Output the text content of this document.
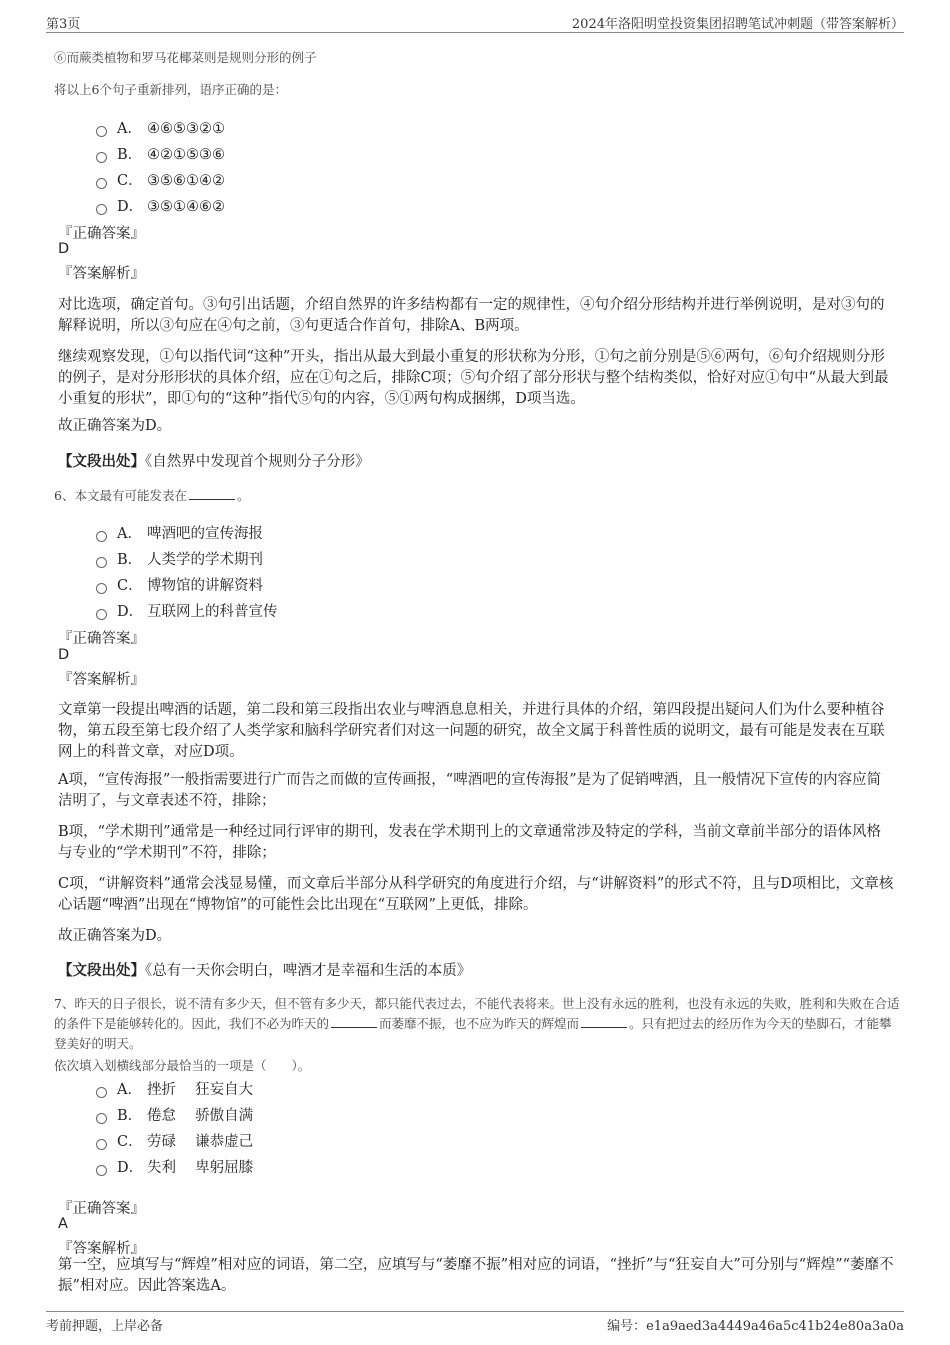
第3页	2024年洛阳明堂投资集团招聘笔试冲刺题（带答案解析）
⑥而蕨类植物和罗马花椰菜则是规则分形的例子
将以上6个句子重新排列，语序正确的是：
A． ④⑥⑤③②①
B． ④②①⑤③⑥
C． ③⑤⑥①④②
D． ③⑤①④⑥②
『正确答案』
D
『答案解析』
对比选项，确定首句。③句引出话题，介绍自然界的许多结构都有一定的规律性，④句介绍分形结构并进行举例说明，是对③句的解释说明，所以③句应在④句之前，③句更适合作首句，排除A、B两项。
继续观察发现，①句以指代词“这种”开头，指出从最大到最小重复的形状称为分形，①句之前分别是⑤⑥两句，⑥句介绍规则分形的例子，是对分形形状的具体介绍，应在①句之后，排除C项；⑤句介绍了部分形状与整个结构类似，恰好对应①句中“从最大到最小重复的形状”，即①句的“这种”指代⑤句的内容，⑤①两句构成捆绑，D项当选。
故正确答案为D。
【文段出处】《自然界中发现首个规则分子分形》
6、本文最有可能发表在	。
A． 啤酒吧的宣传海报
B． 人类学的学术期刊
C． 博物馆的讲解资料
D． 互联网上的科普宣传
『正确答案』
D
『答案解析』
文章第一段提出啤酒的话题，第二段和第三段指出农业与啤酒息息相关，并进行具体的介绍，第四段提出疑问人们为什么要种植谷物，第五段至第七段介绍了人类学家和脑科学研究者们对这一问题的研究，故全文属于科普性质的说明文，最有可能是发表在互联网上的科普文章，对应D项。
A项，“宣传海报”一般指需要进行广而告之而做的宣传画报，“啤酒吧的宣传海报”是为了促销啤酒，且一般情况下宣传的内容应简洁明了，与文章表述不符，排除；
B项，“学术期刊”通常是一种经过同行评审的期刊，发表在学术期刊上的文章通常涉及特定的学科，当前文章前半部分的语体风格与专业的“学术期刊”不符，排除；
C项，“讲解资料”通常会浅显易懂，而文章后半部分从科学研究的角度进行介绍，与“讲解资料”的形式不符，且与D项相比，文章核心话题“啤酒”出现在“博物馆”的可能性会比出现在“互联网”上更低，排除。
故正确答案为D。
【文段出处】《总有一天你会明白，啤酒才是幸福和生活的本质》
7、昨天的日子很长，说不清有多少天，但不管有多少天，都只能代表过去，不能代表将来。世上没有永远的胜利，也没有永远的失败，胜利和失败在合适的条件下是能够转化的。因此，我们不必为昨天的	而萎靡不振，也不应为昨天的辉煌而	。只有把过去的经历作为今天的垫脚石，才能攀登美好的明天。
依次填入划横线部分最恰当的一项是（　　）。
A． 挫折　 狂妄自大
B． 倦怠　 骄傲自满
C． 劳碌　 谦恭虚己
D． 失利　 卑躬屈膝
『正确答案』
A
『答案解析』
第一空，应填写与“辉煌”相对应的词语，第二空，应填写与“萎靡不振”相对应的词语，“挫折”与“狂妄自大”可分别与“辉煌”“萎靡不振”相对应。因此答案选A。
考前押题，上岸必备	编号：e1a9aed3a4449a46a5c41b24e80a3a0a
